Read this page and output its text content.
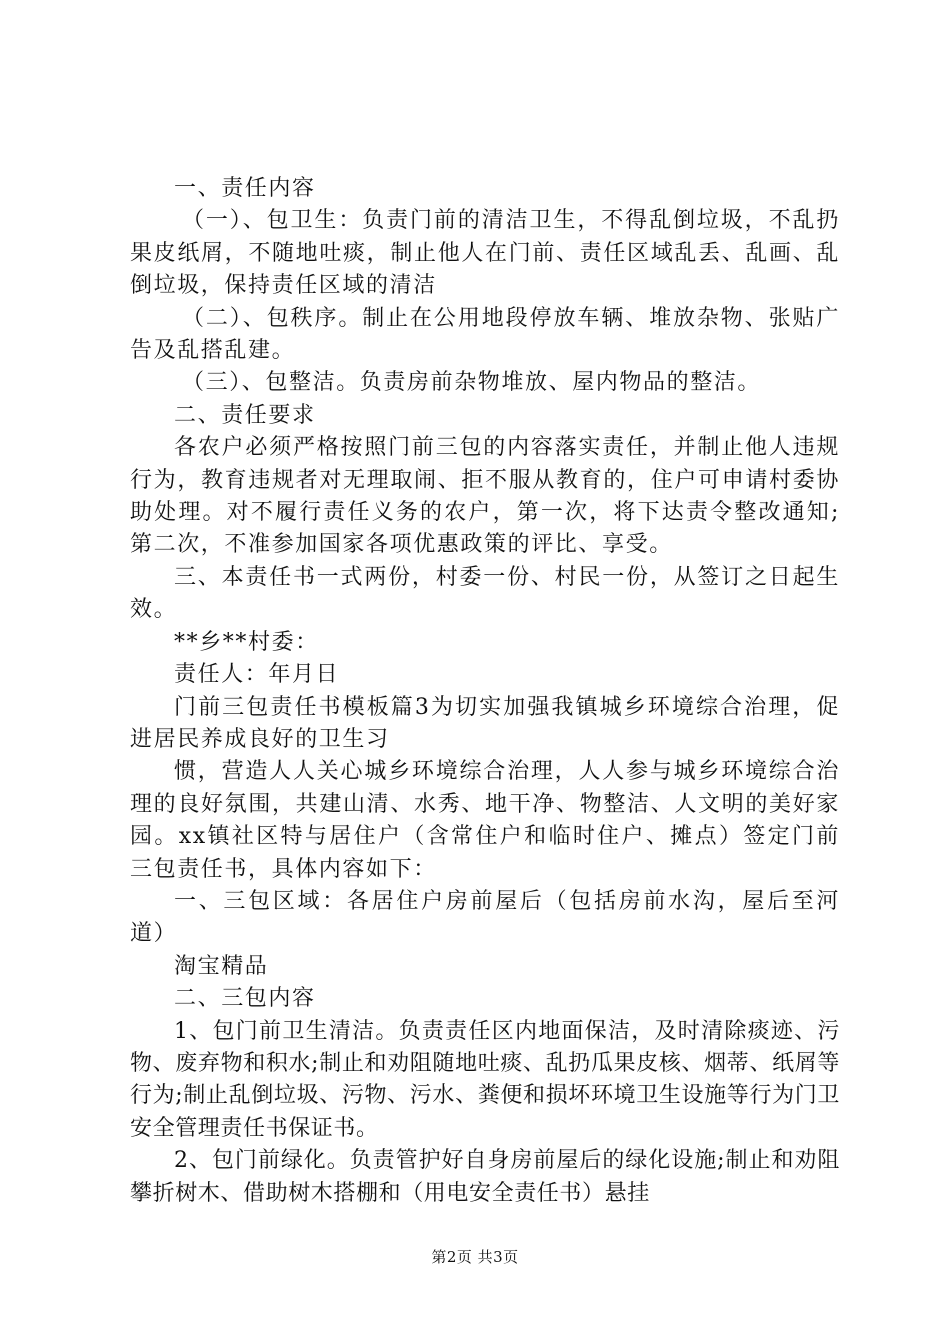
一、责任内容

（一）、包卫生：负责门前的清洁卫生，不得乱倒垃圾，不乱扔果皮纸屑，不随地吐痰，制止他人在门前、责任区域乱丢、乱画、乱倒垃圾，保持责任区域的清洁

（二）、包秩序。制止在公用地段停放车辆、堆放杂物、张贴广告及乱搭乱建。

（三）、包整洁。负责房前杂物堆放、屋内物品的整洁。

二、责任要求

各农户必须严格按照门前三包的内容落实责任，并制止他人违规行为，教育违规者对无理取闹、拒不服从教育的，住户可申请村委协助处理。对不履行责任义务的农户，第一次，将下达责令整改通知;第二次，不准参加国家各项优惠政策的评比、享受。

三、本责任书一式两份，村委一份、村民一份，从签订之日起生效。

**乡**村委：

责任人：年月日

门前三包责任书模板篇3为切实加强我镇城乡环境综合治理，促进居民养成良好的卫生习

惯，营造人人关心城乡环境综合治理，人人参与城乡环境综合治理的良好氛围，共建山清、水秀、地干净、物整洁、人文明的美好家园。xx镇社区特与居住户（含常住户和临时住户、摊点）签定门前三包责任书，具体内容如下：

一、三包区域：各居住户房前屋后（包括房前水沟，屋后至河道）

淘宝精品

二、三包内容

1、包门前卫生清洁。负责责任区内地面保洁，及时清除痰迹、污物、废弃物和积水;制止和劝阻随地吐痰、乱扔瓜果皮核、烟蒂、纸屑等行为;制止乱倒垃圾、污物、污水、粪便和损坏环境卫生设施等行为门卫安全管理责任书保证书。

2、包门前绿化。负责管护好自身房前屋后的绿化设施;制止和劝阻攀折树木、借助树木搭棚和（用电安全责任书）悬挂

第2页 共3页
